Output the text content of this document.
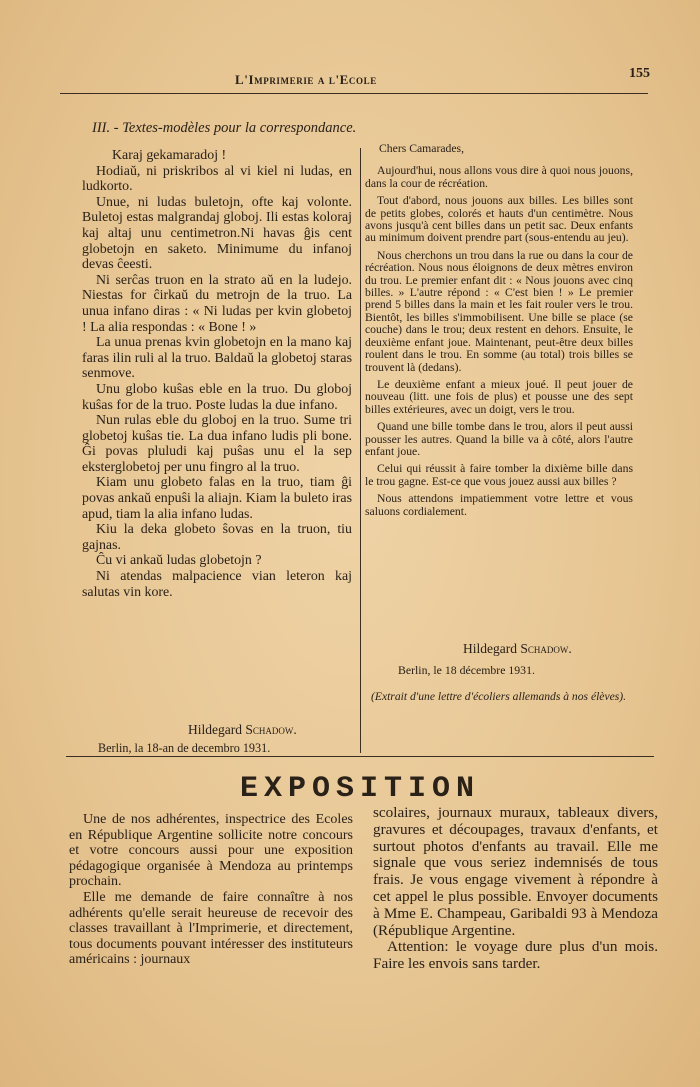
L'Imprimerie a l'Ecole	155
III. - Textes-modèles pour la correspondance.

Karaj gekamaradoj !

Hodiaŭ, ni priskribos al vi kiel ni ludas, en ludkorto.

Unue, ni ludas buletojn, ofte kaj volonte. Buletoj estas malgrandaj globoj. Ili estas koloraj kaj altaj unu centimetron.Ni havas ĝis cent globetojn en saketo. Minimume du infanoj devas ĉeesti.

Ni serĉas truon en la strato aŭ en la ludejo. Niestas for ĉirkaŭ du metrojn de la truo. La unua infano diras : « Ni ludas per kvin globetoj ! La alia respondas : « Bone ! »

La unua prenas kvin globetojn en la mano kaj faras ilin ruli al la truo. Baldaŭ la globetoj staras senmove.

Unu globo kuŝas eble en la truo. Du globoj kuŝas for de la truo. Poste ludas la due infano.

Nun rulas eble du globoj en la truo. Sume tri globetoj kuŝas tie. La dua infano ludis pli bone. Ĝi povas pluludi kaj puŝas unu el la sep eksterglobetoj per unu fingro al la truo.

Kiam unu globeto falas en la truo, tiam ĝi povas ankaŭ enpuŝi la aliajn. Kiam la buleto iras apud, tiam la alia infano ludas.

Kiu la deka globeto ŝovas en la truon, tiu gajnas.

Ĉu vi ankaŭ ludas globetojn ?

Ni atendas malpacience vian leteron kaj salutas vin kore.

Hildegard Schadow.
Berlin, la 18-an de decembro 1931.

Chers Camarades,

Aujourd'hui, nous allons vous dire à quoi nous jouons, dans la cour de récréation.

Tout d'abord, nous jouons aux billes. Les billes sont de petits globes, colorés et hauts d'un centimètre. Nous avons jusqu'à cent billes dans un petit sac. Deux enfants au minimum doivent prendre part (sous-entendu au jeu).

Nous cherchons un trou dans la rue ou dans la cour de récréation. Nous nous éloignons de deux mètres environ du trou. Le premier enfant dit : « Nous jouons avec cinq billes. » L'autre répond : « C'est bien ! » Le premier prend 5 billes dans la main et les fait rouler vers le trou. Bientôt, les billes s'immobilisent. Une bille se place (se couche) dans le trou; deux restent en dehors. Ensuite, le deuxième enfant joue. Maintenant, peut-être deux billes roulent dans le trou. En somme (au total) trois billes se trouvent là (dedans).

Le deuxième enfant a mieux joué. Il peut jouer de nouveau (litt. une fois de plus) et pousse une des sept billes extérieures, avec un doigt, vers le trou.

Quand une bille tombe dans le trou, alors il peut aussi pousser les autres. Quand la bille va à côté, alors l'autre enfant joue.

Celui qui réussit à faire tomber la dixième bille dans le trou gagne. Est-ce que vous jouez aussi aux billes ?

Nous attendons impatiemment votre lettre et vous saluons cordialement.

Hildegard Schadow.
Berlin, le 18 décembre 1931.
(Extrait d'une lettre d'écoliers allemands à nos élèves).
EXPOSITION

Une de nos adhérentes, inspectrice des Ecoles en République Argentine sollicite notre concours et votre concours aussi pour une exposition pédagogique organisée à Mendoza au printemps prochain.

Elle me demande de faire connaître à nos adhérents qu'elle serait heureuse de recevoir des classes travaillant à l'Imprimerie, et directement, tous documents pouvant intéresser des instituteurs américains : journaux

scolaires, journaux muraux, tableaux divers, gravures et découpages, travaux d'enfants, et surtout photos d'enfants au travail. Elle me signale que vous seriez indemnisés de tous frais. Je vous engage vivement à répondre à cet appel le plus possible. Envoyer documents à Mme E. Champeau, Garibaldi 93 à Mendoza (République Argentine.

Attention: le voyage dure plus d'un mois. Faire les envois sans tarder.
